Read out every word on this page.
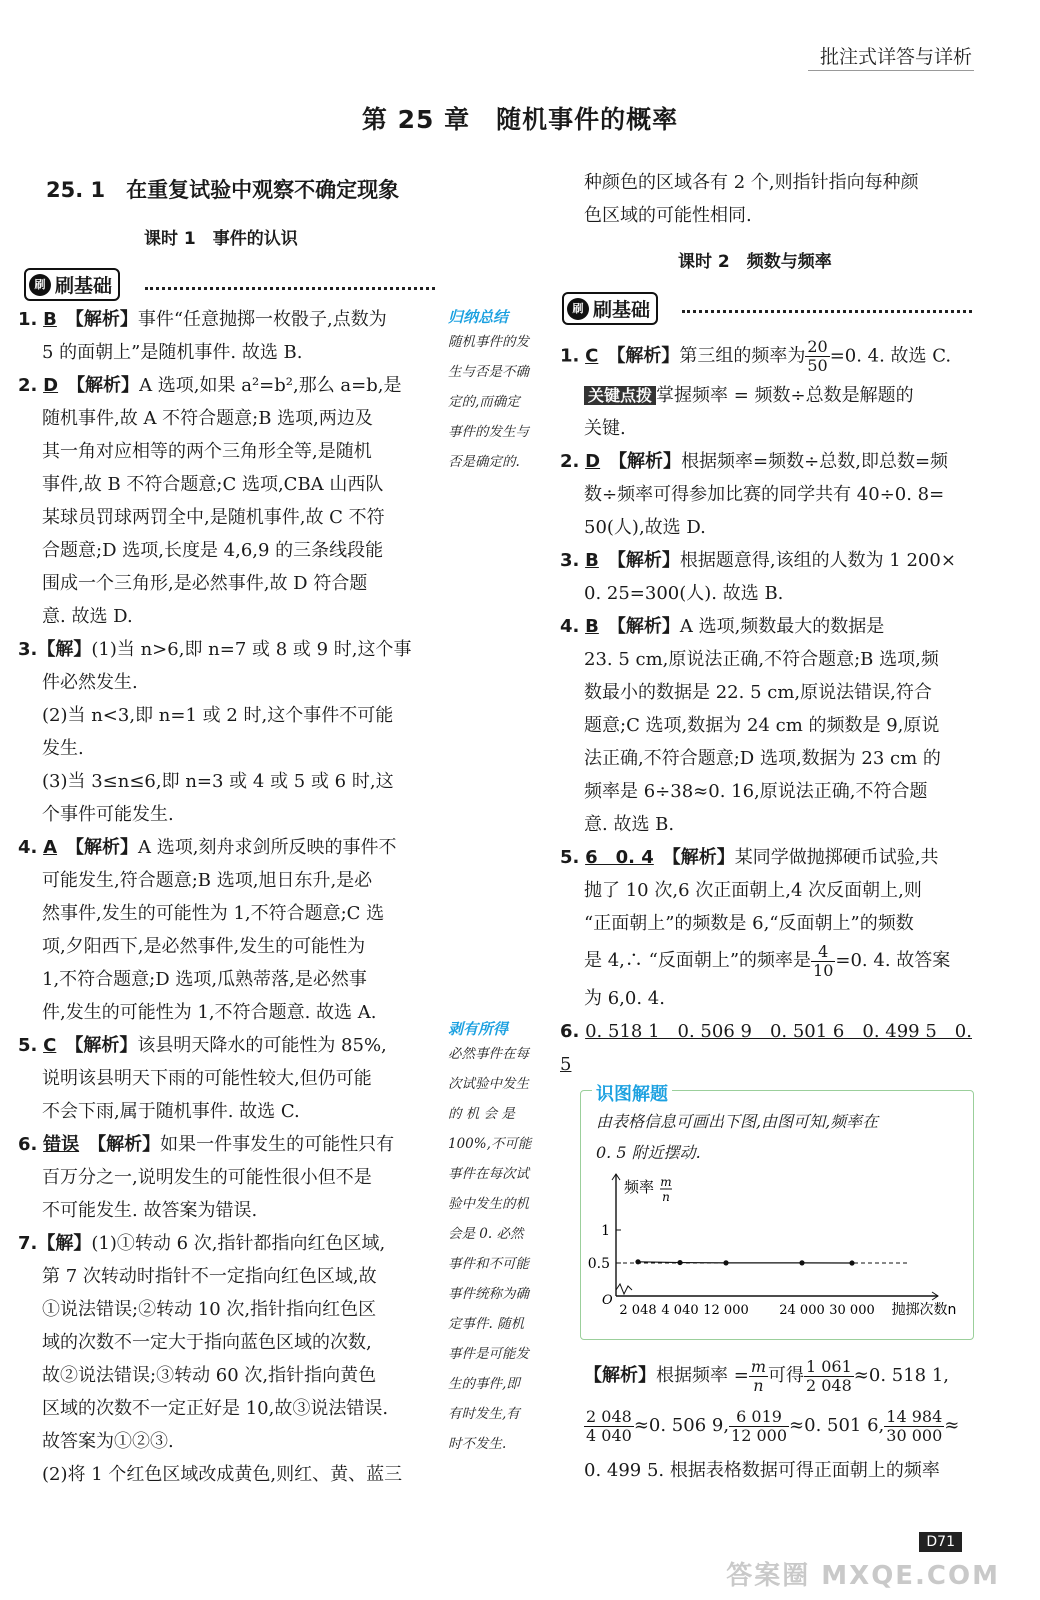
批注式详答与详析
第 25 章　随机事件的概率
25. 1　在重复试验中观察不确定现象
课时 1　事件的认识
刷 刷基础

1. B　 【解析】事件“任意抛掷一枚骰子,点数为

5 的面朝上”是随机事件. 故选 B.

2. D　 【解析】A 选项,如果 a²=b²,那么 a=b,是

随机事件,故 A 不符合题意;B 选项,两边及

其一角对应相等的两个三角形全等,是随机

事件,故 B 不符合题意;C 选项,CBA 山西队

某球员罚球两罚全中,是随机事件,故 C 不符

合题意;D 选项,长度是 4,6,9 的三条线段能

围成一个三角形,是必然事件,故 D 符合题

意. 故选 D.

3.【解】(1)当 n>6,即 n=7 或 8 或 9 时,这个事

件必然发生.

(2)当 n<3,即 n=1 或 2 时,这个事件不可能

发生.

(3)当 3≤n≤6,即 n=3 或 4 或 5 或 6 时,这

个事件可能发生.

4. A　 【解析】A 选项,刻舟求剑所反映的事件不

可能发生,符合题意;B 选项,旭日东升,是必

然事件,发生的可能性为 1,不符合题意;C 选

项,夕阳西下,是必然事件,发生的可能性为

1,不符合题意;D 选项,瓜熟蒂落,是必然事

件,发生的可能性为 1,不符合题意. 故选 A.

5. C　 【解析】该县明天降水的可能性为 85%,

说明该县明天下雨的可能性较大,但仍可能

不会下雨,属于随机事件. 故选 C.

6. 错误　 【解析】如果一件事发生的可能性只有

百万分之一,说明发生的可能性很小但不是

不可能发生. 故答案为错误.

7.【解】(1)①转动 6 次,指针都指向红色区域,

第 7 次转动时指针不一定指向红色区域,故

①说法错误;②转动 10 次,指针指向红色区

域的次数不一定大于指向蓝色区域的次数,

故②说法错误;③转动 60 次,指针指向黄色

区域的次数不一定正好是 10,故③说法错误.

故答案为①②③.

(2)将 1 个红色区域改成黄色,则红、黄、蓝三

归纳总结
随机事件的发
生与否是不确
定的,而确定
事件的发生与
否是确定的.
剥有所得
必然事件在每
次试验中发生
的 机 会 是
100%,不可能
事件在每次试
验中发生的机
会是 0. 必然
事件和不可能
事件统称为确
定事件. 随机
事件是可能发
生的事件,即
有时发生,有
时不发生.

种颜色的区域各有 2 个,则指针指向每种颜

色区域的可能性相同.

课时 2　频数与频率
刷 刷基础

1. C　 【解析】第三组的频率为 $\frac{20}{50} =0$. 4. 故选 C.

关键点拨 掌握频率 = 频数÷总数是解题的

关键.

2. D　 【解析】根据频率=频数÷总数,即总数=频

数÷频率可得参加比赛的同学共有 40÷0. 8=

50(人),故选 D.

3. B　 【解析】根据题意得,该组的人数为 1 200×

0. 25=300(人). 故选 B.

4. B　 【解析】A 选项,频数最大的数据是

23. 5 cm,原说法正确,不符合题意;B 选项,频

数最小的数据是 22. 5 cm,原说法错误,符合

题意;C 选项,数据为 24 cm 的频数是 9,原说

法正确,不符合题意;D 选项,数据为 23 cm 的

频率是 6÷38≈0. 16,原说法正确,不符合题

意. 故选 B.

5. 6　0. 4　 【解析】某同学做抛掷硬币试验,共

抛了 10 次,6 次正面朝上,4 次反面朝上,则

“正面朝上”的频数是 6,“反面朝上”的频数

是 4,∴ “反面朝上”的频率是 $\frac{4}{10} =0$. 4. 故答案

为 6,0. 4.

6. 0. 518 1　0. 506 9　0. 501 6　0. 499 5　0. 5

识图解题
由表格信息可画出下图,由图可知,频率在
0. 5 附近摆动.
0.5
1
频率 m
n
O
2 048 4 040 12 000 24 000 30 000 抛掷次数n

【解析】根据频率 = $\frac{m}{n}$ 可得 $\frac{1 061}{2 048} \approx 0$. 518 1,

$\frac{2 048}{4 040} \approx 0$. 506 9, $\frac{6 019}{12 000} \approx 0$. 501 6, $\frac{14 984}{30 000}$ ≈

0. 499 5. 根据表格数据可得正面朝上的频率

D71
答案圈 MXQE.COM
